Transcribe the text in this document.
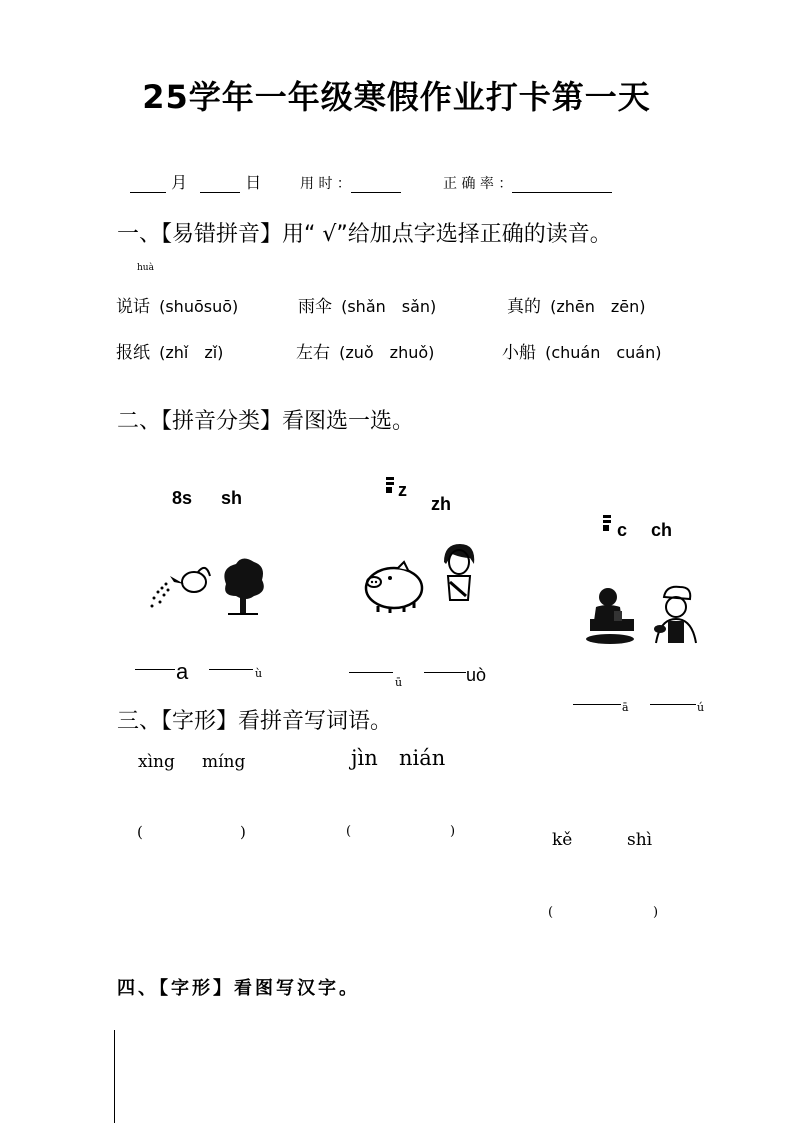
25学年一年级寒假作业打卡第一天
月	日	用 时 ：	正 确 率 ：
一、【易错拼音】用“ √”给加点字选择正确的读音。
huà
说话 (shuōsuō)	雨伞 (shǎn　sǎn)	真的 (zhēn　zēn)
报纸 (zhǐ　zǐ)	左右 (zuǒ　zhuǒ)	小船 (chuán　cuán)
二、【拼音分类】看图选一选。
8s sh	z
zh
c ch
a	ù
ū	uò
ā	ú
三、【字形】看拼音写词语。
xìng míng
(	)
jìn nián
(	)	kě	shì
(	)
四、【字形】看图写汉字。
